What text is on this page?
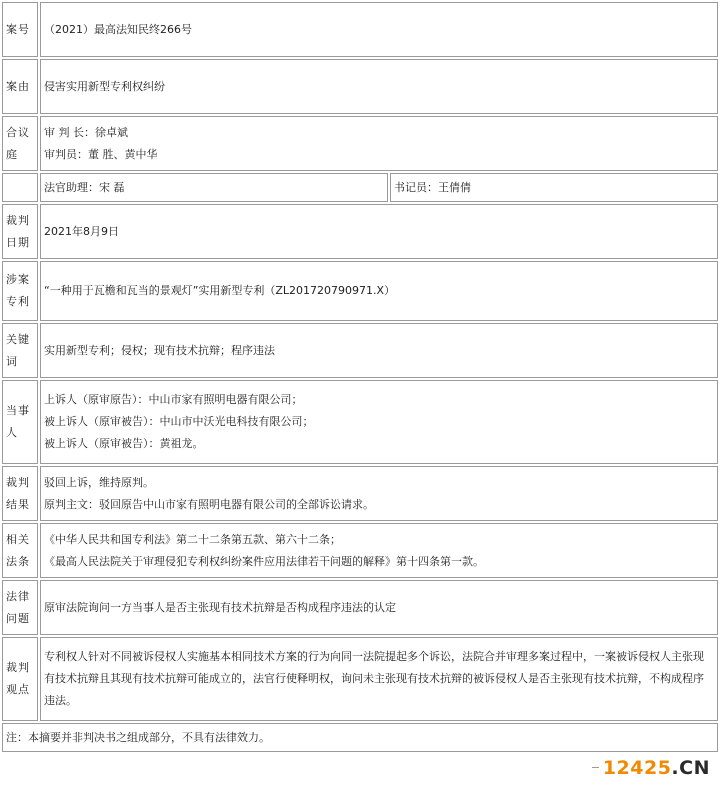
案号	（2021）最高法知民终266号	
案由	侵害实用新型专利权纠纷	
合议庭	审 判 长：徐卓斌
审判员：董 胜、黄中华	

	法官助理：宋 磊	书记员：王倩倩
裁判日期	2021年8月9日	
涉案专利	“一种用于瓦檐和瓦当的景观灯”实用新型专利（ZL201720790971.X）	
关键词	实用新型专利；侵权；现有技术抗辩；程序违法	
当事人	上诉人（原审原告）：中山市家有照明电器有限公司；
被上诉人（原审被告）：中山市中沃光电科技有限公司；
被上诉人（原审被告）：黄祖龙。	

裁判结果	驳回上诉，维持原判。
原判主文：驳回原告中山市家有照明电器有限公司的全部诉讼请求。	

相关法条	《中华人民共和国专利法》第二十二条第五款、第六十二条；
《最高人民法院关于审理侵犯专利权纠纷案件应用法律若干问题的解释》第十四条第一款。	

法律问题	原审法院询问一方当事人是否主张现有技术抗辩是否构成程序违法的认定	
裁判观点	专利权人针对不同被诉侵权人实施基本相同技术方案的行为向同一法院提起多个诉讼，法院合并审理多案过程中，一案被诉侵权人主张现有技术抗辩且其现有技术抗辩可能成立的，法官行使释明权，询问未主张现有技术抗辩的被诉侵权人是否主张现有技术抗辩，不构成程序违法。	
注：本摘要并非判决书之组成部分，不具有法律效力。		
12425.CN
